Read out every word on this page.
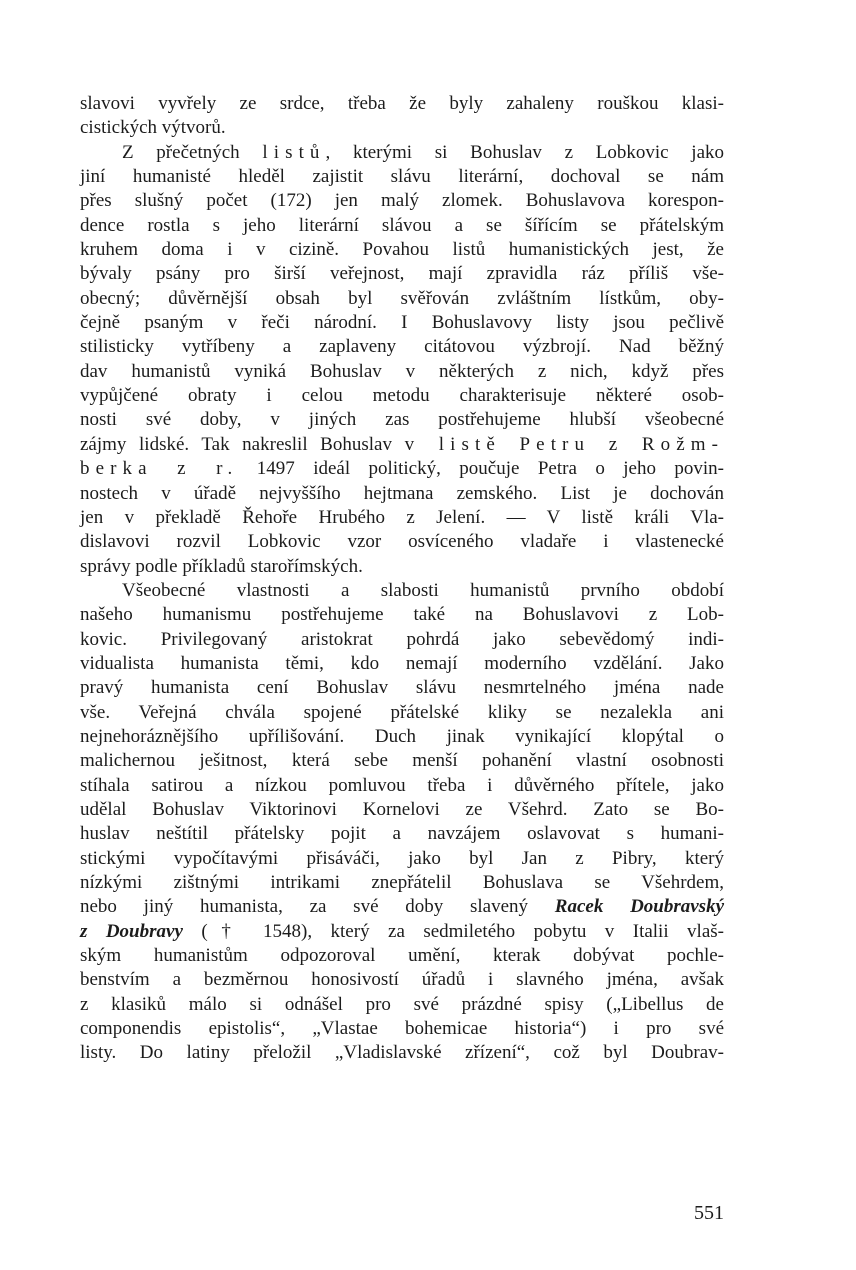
slavovi vyvřely ze srdce, třeba že byly zahaleny rouškou klasi-
cistických výtvorů.
Z přečetných listů, kterými si Bohuslav z Lobkovic jako
jiní humanisté hleděl zajistit slávu literární, dochoval se nám
přes slušný počet (172) jen malý zlomek. Bohuslavova korespon-
dence rostla s jeho literární slávou a se šířícím se přátelským
kruhem doma i v cizině. Povahou listů humanistických jest, že
bývaly psány pro širší veřejnost, mají zpravidla ráz příliš vše-
obecný; důvěrnější obsah byl svěřován zvláštním lístkům, oby-
čejně psaným v řeči národní. I Bohuslavovy listy jsou pečlivě
stilisticky vytříbeny a zaplaveny citátovou výzbrojí. Nad běžný
dav humanistů vyniká Bohuslav v některých z nich, když přes
vypůjčené obraty i celou metodu charakterisuje některé osob-
nosti své doby, v jiných zas postřehujeme hlubší všeobecné
zájmy lidské. Tak nakreslil Bohuslav v listě Petru z Rožm-
berka z r. 1497 ideál politický, poučuje Petra o jeho povin-
nostech v úřadě nejvyššího hejtmana zemského. List je dochován
jen v překladě Řehoře Hrubého z Jelení. — V listě králi Vla-
dislavovi rozvil Lobkovic vzor osvíceného vladaře i vlastenecké
správy podle příkladů starořímských.
Všeobecné vlastnosti a slabosti humanistů prvního období
našeho humanismu postřehujeme také na Bohuslavovi z Lob-
kovic. Privilegovaný aristokrat pohrdá jako sebevědomý indi-
vidualista humanista těmi, kdo nemají moderního vzdělání. Jako
pravý humanista cení Bohuslav slávu nesmrtelného jména nade
vše. Veřejná chvála spojené přátelské kliky se nezalekla ani
nejnehoráznějšího upřílišování. Duch jinak vynikající klopýtal o
malichernou ješitnost, která sebe menší pohanění vlastní osobnosti
stíhala satirou a nízkou pomluvou třeba i důvěrného přítele, jako
udělal Bohuslav Viktorinovi Kornelovi ze Všehrd. Zato se Bo-
huslav neštítil přátelsky pojit a navzájem oslavovat s humani-
stickými vypočítavými přisáváči, jako byl Jan z Pibry, který
nízkými zištnými intrikami znepřátelil Bohuslava se Všehrdem,
nebo jiný humanista, za své doby slavený Racek Doubravský
z Doubravy († 1548), který za sedmiletého pobytu v Italii vlaš-
ským humanistům odpozoroval umění, kterak dobývat pochle-
benstvím a bezměrnou honosivostí úřadů i slavného jména, avšak
z klasiků málo si odnášel pro své prázdné spisy („Libellus de
componendis epistolis“, „Vlastae bohemicae historia“) i pro své
listy. Do latiny přeložil „Vladislavské zřízení“, což byl Doubrav-
551
